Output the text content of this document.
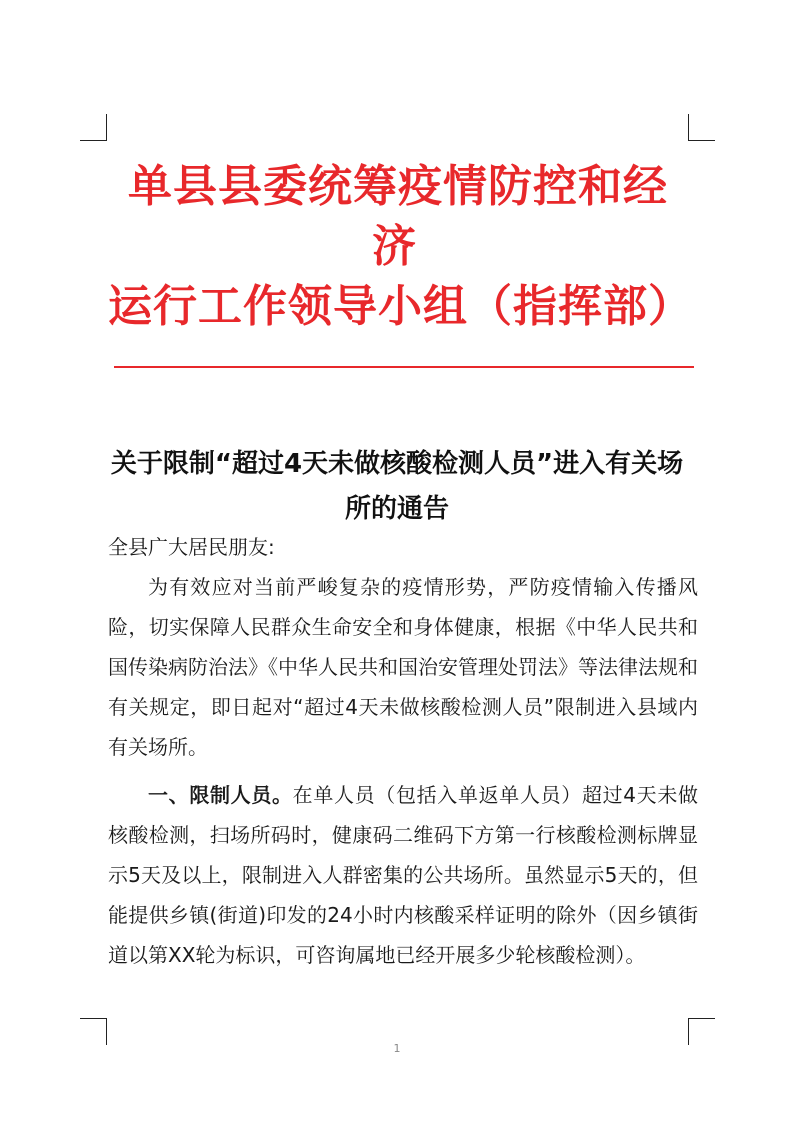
单县县委统筹疫情防控和经
济
运行工作领导小组（指挥部）
关于限制“超过4天未做核酸检测人员”进入有关场所的通告

全县广大居民朋友:

为有效应对当前严峻复杂的疫情形势，严防疫情输入传播风险，切实保障人民群众生命安全和身体健康，根据《中华人民共和国传染病防治法》《中华人民共和国治安管理处罚法》等法律法规和有关规定，即日起对“超过4天未做核酸检测人员”限制进入县域内有关场所。

一、限制人员。在单人员（包括入单返单人员）超过4天未做核酸检测，扫场所码时，健康码二维码下方第一行核酸检测标牌显示5天及以上，限制进入人群密集的公共场所。虽然显示5天的，但能提供乡镇(街道)印发的24小时内核酸采样证明的除外（因乡镇街道以第XX轮为标识，可咨询属地已经开展多少轮核酸检测）。

1
